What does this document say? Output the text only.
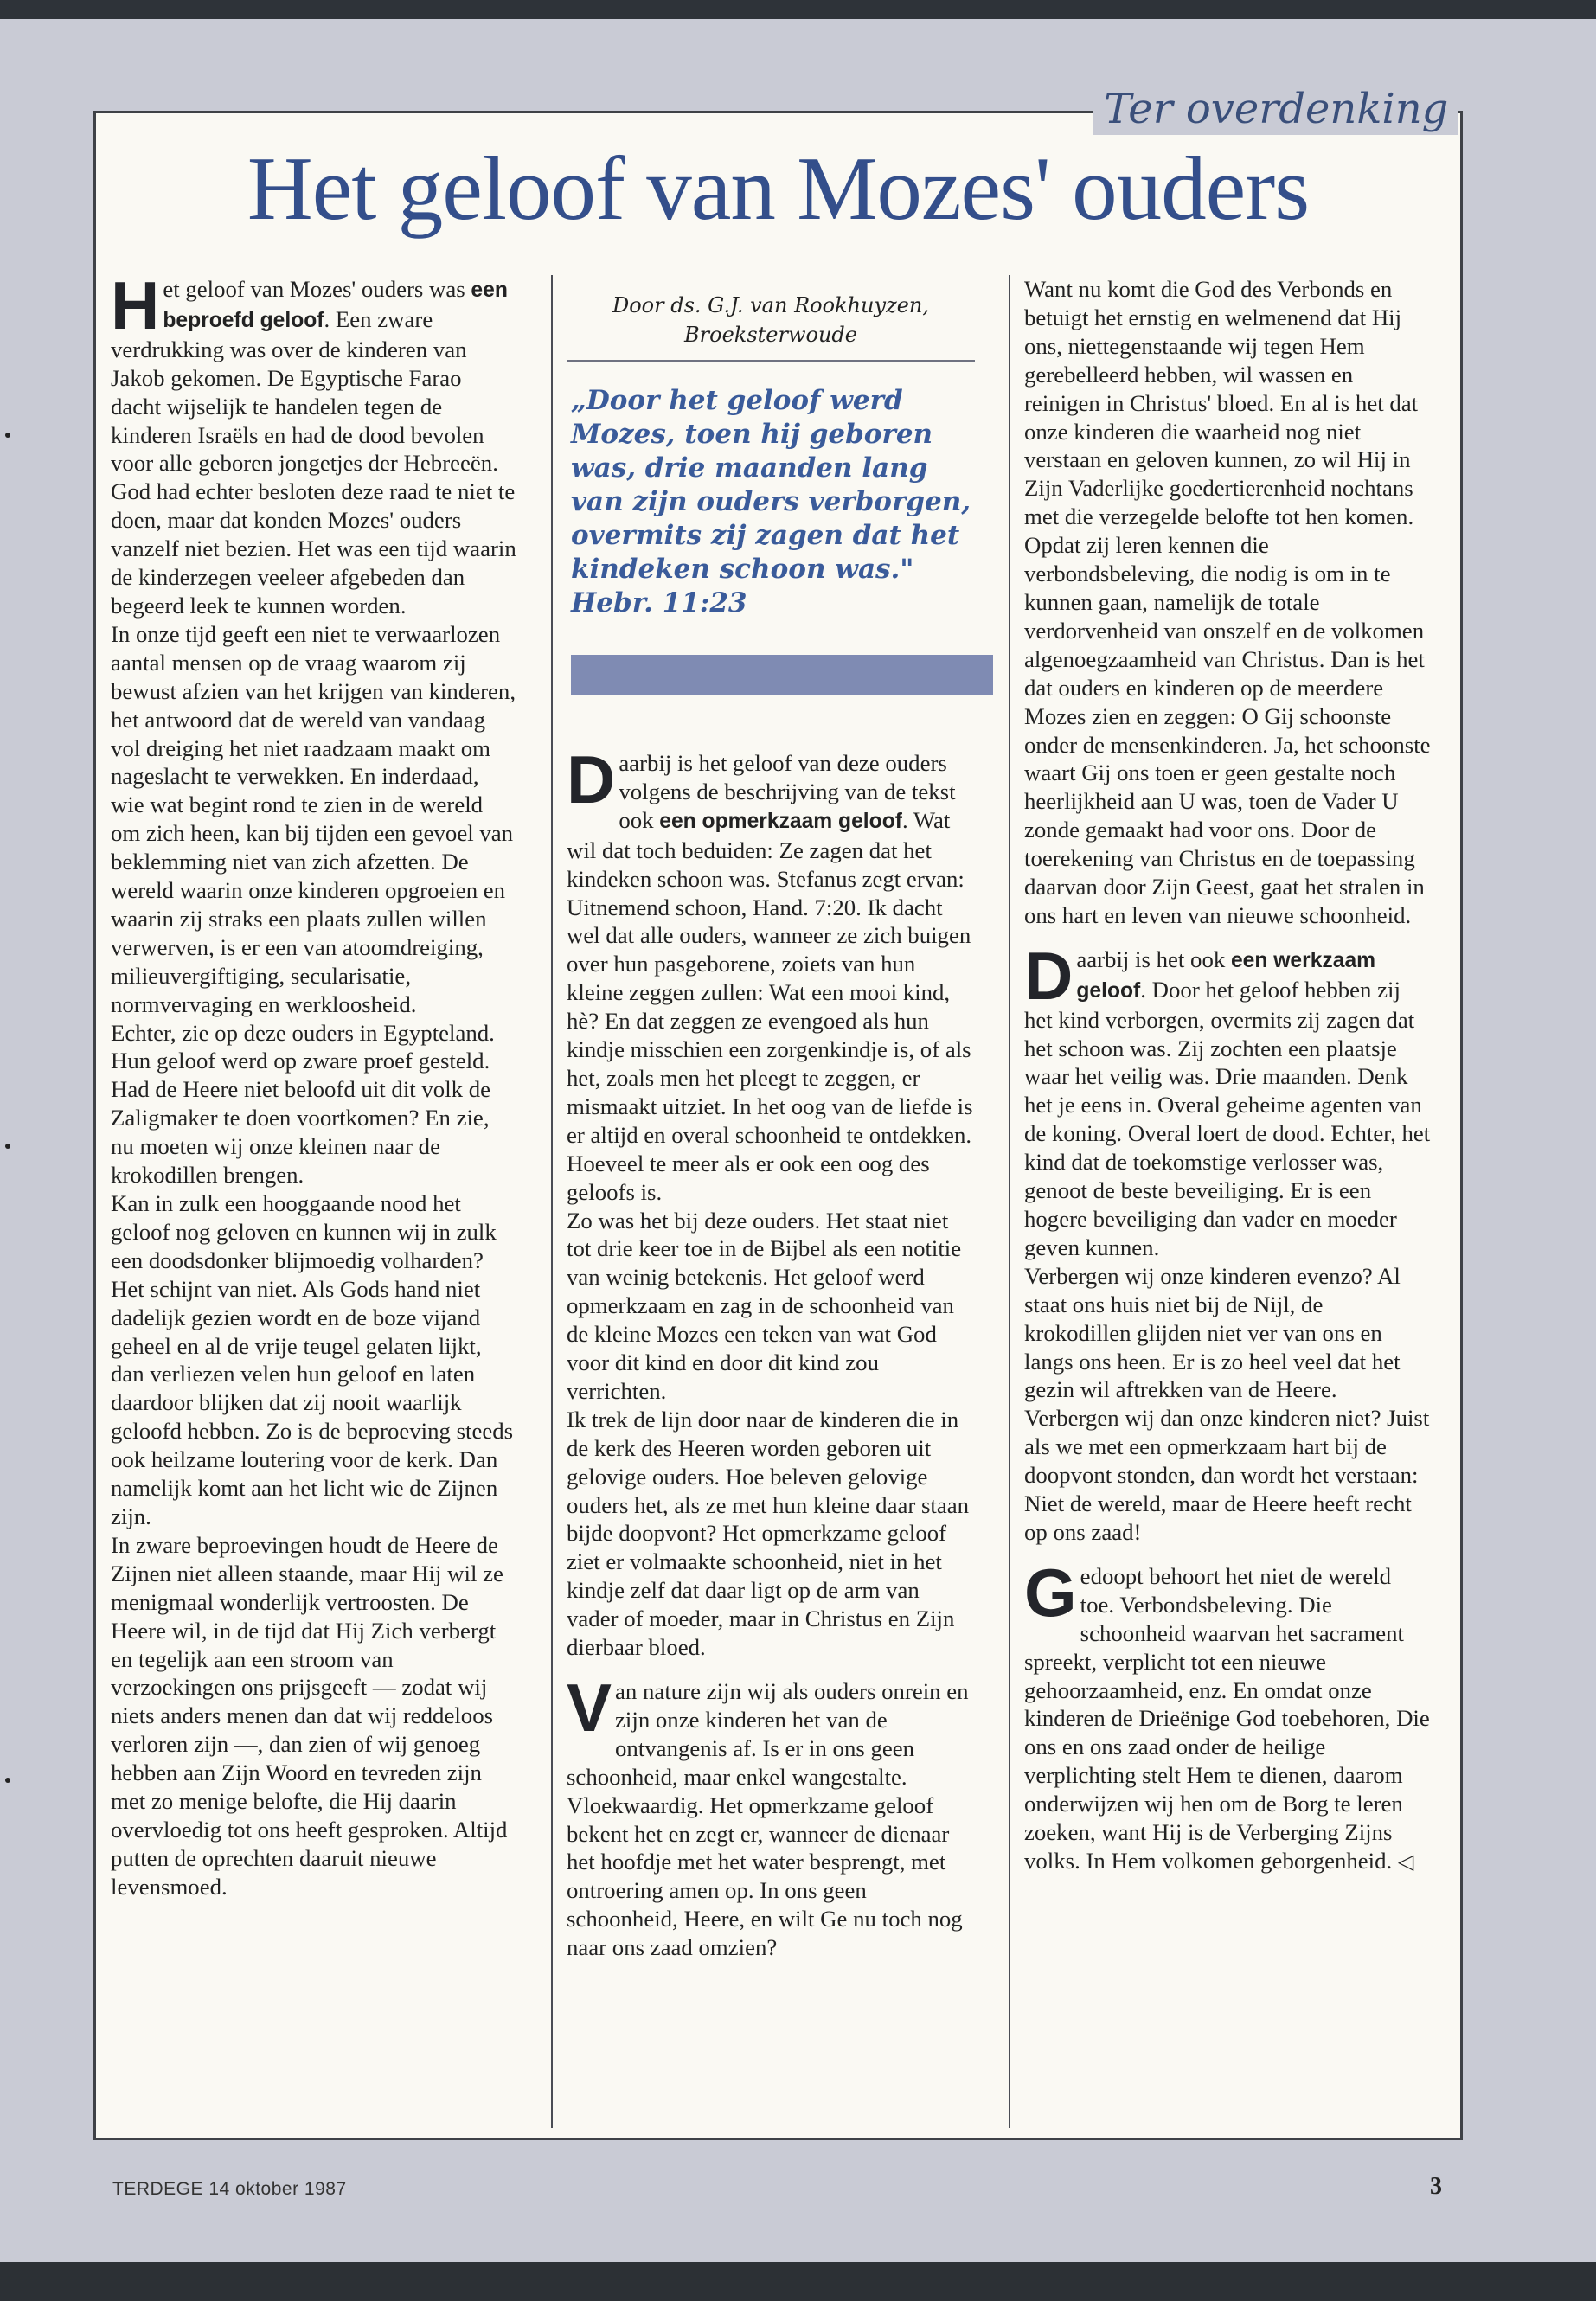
Ter overdenking
Het geloof van Mozes' ouders

Het geloof van Mozes' ouders was een beproefd geloof. Een zware verdrukking was over de kinderen van Jakob gekomen. De Egyptische Farao dacht wijselijk te handelen tegen de kinderen Israëls en had de dood bevolen voor alle geboren jongetjes der Hebreeën. God had echter besloten deze raad te niet te doen, maar dat konden Mozes' ouders vanzelf niet bezien. Het was een tijd waarin de kinderzegen veeleer afgebeden dan begeerd leek te kunnen worden.

In onze tijd geeft een niet te verwaarlozen aantal mensen op de vraag waarom zij bewust afzien van het krijgen van kinderen, het antwoord dat de wereld van vandaag vol dreiging het niet raadzaam maakt om nageslacht te verwekken. En inderdaad, wie wat begint rond te zien in de wereld om zich heen, kan bij tijden een gevoel van beklemming niet van zich afzetten. De wereld waarin onze kinderen opgroeien en waarin zij straks een plaats zullen willen verwerven, is er een van atoomdreiging, milieuvergiftiging, secularisatie, normvervaging en werkloosheid.

Echter, zie op deze ouders in Egypteland. Hun geloof werd op zware proef gesteld. Had de Heere niet beloofd uit dit volk de Zaligmaker te doen voortkomen? En zie, nu moeten wij onze kleinen naar de krokodillen brengen.

Kan in zulk een hooggaande nood het geloof nog geloven en kunnen wij in zulk een doodsdonker blijmoedig volharden? Het schijnt van niet. Als Gods hand niet dadelijk gezien wordt en de boze vijand geheel en al de vrije teugel gelaten lijkt, dan verliezen velen hun geloof en laten daardoor blijken dat zij nooit waarlijk geloofd hebben. Zo is de beproeving steeds ook heilzame loutering voor de kerk. Dan namelijk komt aan het licht wie de Zijnen zijn.

In zware beproevingen houdt de Heere de Zijnen niet alleen staande, maar Hij wil ze menigmaal wonderlijk vertroosten. De Heere wil, in de tijd dat Hij Zich verbergt en tegelijk aan een stroom van verzoekingen ons prijsgeeft — zodat wij niets anders menen dan dat wij reddeloos verloren zijn —, dan zien of wij genoeg hebben aan Zijn Woord en tevreden zijn met zo menige belofte, die Hij daarin overvloedig tot ons heeft gesproken. Altijd putten de oprechten daaruit nieuwe levensmoed.

Door ds. G.J. van Rookhuyzen,
Broeksterwoude
„Door het geloof werd Mozes, toen hij geboren was, drie maanden lang van zijn ouders verborgen, overmits zij zagen dat het kindeken schoon was."
Hebr. 11:23

Daarbij is het geloof van deze ouders volgens de beschrijving van de tekst ook een opmerkzaam geloof. Wat wil dat toch beduiden: Ze zagen dat het kindeken schoon was. Stefanus zegt ervan: Uitnemend schoon, Hand. 7:20. Ik dacht wel dat alle ouders, wanneer ze zich buigen over hun pasgeborene, zoiets van hun kleine zeggen zullen: Wat een mooi kind, hè? En dat zeggen ze evengoed als hun kindje misschien een zorgenkindje is, of als het, zoals men het pleegt te zeggen, er mismaakt uitziet. In het oog van de liefde is er altijd en overal schoonheid te ontdekken. Hoeveel te meer als er ook een oog des geloofs is.

Zo was het bij deze ouders. Het staat niet tot drie keer toe in de Bijbel als een notitie van weinig betekenis. Het geloof werd opmerkzaam en zag in de schoonheid van de kleine Mozes een teken van wat God voor dit kind en door dit kind zou verrichten.

Ik trek de lijn door naar de kinderen die in de kerk des Heeren worden geboren uit gelovige ouders. Hoe beleven gelovige ouders het, als ze met hun kleine daar staan bijde doopvont? Het opmerkzame geloof ziet er volmaakte schoonheid, niet in het kindje zelf dat daar ligt op de arm van vader of moeder, maar in Christus en Zijn dierbaar bloed.

Van nature zijn wij als ouders onrein en zijn onze kinderen het van de ontvangenis af. Is er in ons geen schoonheid, maar enkel wangestalte. Vloekwaardig. Het opmerkzame geloof bekent het en zegt er, wanneer de dienaar het hoofdje met het water besprengt, met ontroering amen op. In ons geen schoonheid, Heere, en wilt Ge nu toch nog naar ons zaad omzien?

Want nu komt die God des Verbonds en betuigt het ernstig en welmenend dat Hij ons, niettegenstaande wij tegen Hem gerebelleerd hebben, wil wassen en reinigen in Christus' bloed. En al is het dat onze kinderen die waarheid nog niet verstaan en geloven kunnen, zo wil Hij in Zijn Vaderlijke goedertierenheid nochtans met die verzegelde belofte tot hen komen. Opdat zij leren kennen die verbondsbeleving, die nodig is om in te kunnen gaan, namelijk de totale verdorvenheid van onszelf en de volkomen algenoegzaamheid van Christus. Dan is het dat ouders en kinderen op de meerdere Mozes zien en zeggen: O Gij schoonste onder de mensenkinderen. Ja, het schoonste waart Gij ons toen er geen gestalte noch heerlijkheid aan U was, toen de Vader U zonde gemaakt had voor ons. Door de toerekening van Christus en de toepassing daarvan door Zijn Geest, gaat het stralen in ons hart en leven van nieuwe schoonheid.

Daarbij is het ook een werkzaam geloof. Door het geloof hebben zij het kind verborgen, overmits zij zagen dat het schoon was. Zij zochten een plaatsje waar het veilig was. Drie maanden. Denk het je eens in. Overal geheime agenten van de koning. Overal loert de dood. Echter, het kind dat de toekomstige verlosser was, genoot de beste beveiliging. Er is een hogere beveiliging dan vader en moeder geven kunnen.

Verbergen wij onze kinderen evenzo? Al staat ons huis niet bij de Nijl, de krokodillen glijden niet ver van ons en langs ons heen. Er is zo heel veel dat het gezin wil aftrekken van de Heere. Verbergen wij dan onze kinderen niet? Juist als we met een opmerkzaam hart bij de doopvont stonden, dan wordt het verstaan: Niet de wereld, maar de Heere heeft recht op ons zaad!

Gedoopt behoort het niet de wereld toe. Verbondsbeleving. Die schoonheid waarvan het sacrament spreekt, verplicht tot een nieuwe gehoorzaamheid, enz. En omdat onze kinderen de Drieënige God toebehoren, Die ons en ons zaad onder de heilige verplichting stelt Hem te dienen, daarom onderwijzen wij hen om de Borg te leren zoeken, want Hij is de Verberging Zijns volks. In Hem volkomen geborgenheid. ◁

TERDEGE 14 oktober 1987	3
